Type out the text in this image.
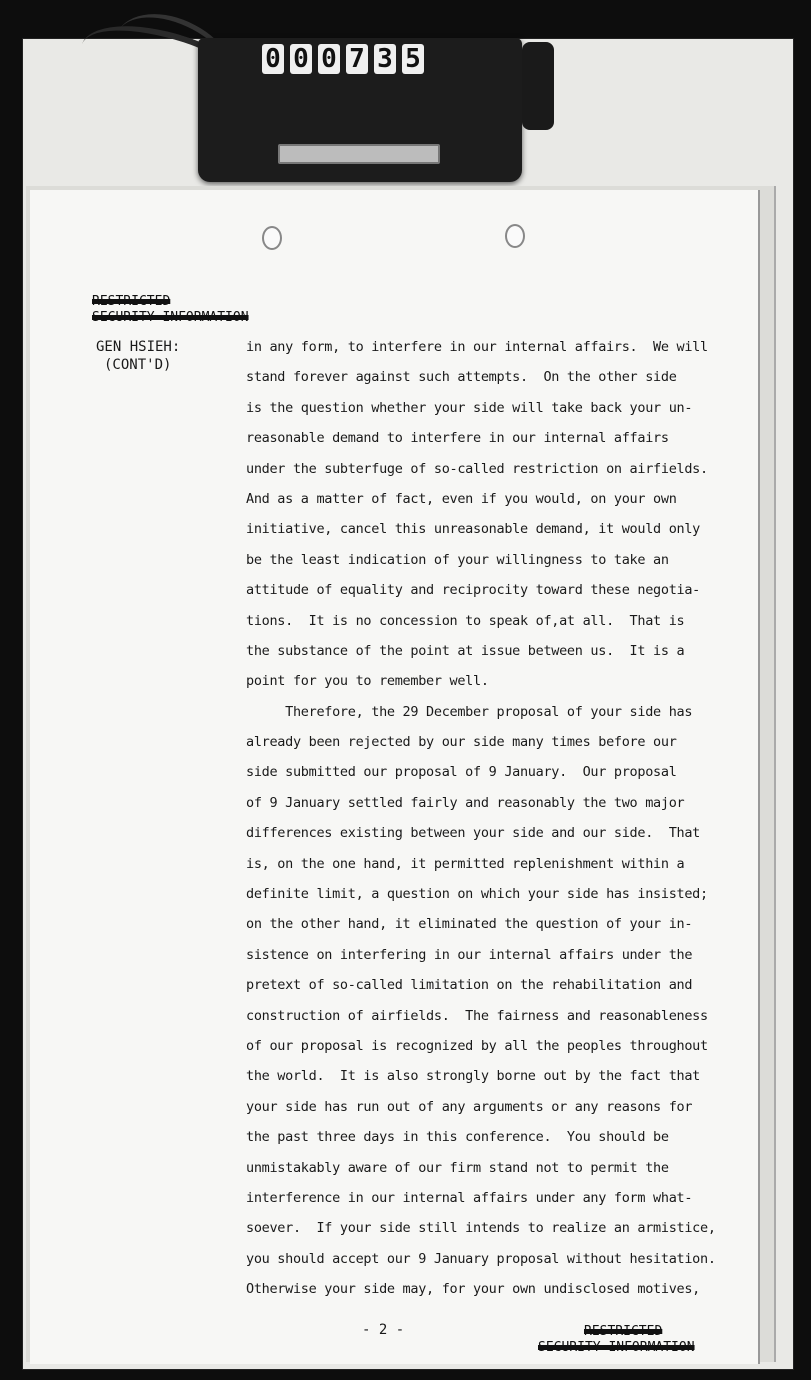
0 0 0 7 3 5
RESTRICTED
SECURITY INFORMATION
GEN HSIEH:
(CONT'D)
in any form, to interfere in our internal affairs.  We will
stand forever against such attempts.  On the other side
is the question whether your side will take back your un-
reasonable demand to interfere in our internal affairs
under the subterfuge of so-called restriction on airfields.
And as a matter of fact, even if you would, on your own
initiative, cancel this unreasonable demand, it would only
be the least indication of your willingness to take an
attitude of equality and reciprocity toward these negotia-
tions.  It is no concession to speak of,at all.  That is
the substance of the point at issue between us.  It is a
point for you to remember well.
Therefore, the 29 December proposal of your side has
already been rejected by our side many times before our
side submitted our proposal of 9 January.  Our proposal
of 9 January settled fairly and reasonably the two major
differences existing between your side and our side.  That
is, on the one hand, it permitted replenishment within a
definite limit, a question on which your side has insisted;
on the other hand, it eliminated the question of your in-
sistence on interfering in our internal affairs under the
pretext of so-called limitation on the rehabilitation and
construction of airfields.  The fairness and reasonableness
of our proposal is recognized by all the peoples throughout
the world.  It is also strongly borne out by the fact that
your side has run out of any arguments or any reasons for
the past three days in this conference.  You should be
unmistakably aware of our firm stand not to permit the
interference in our internal affairs under any form what-
soever.  If your side still intends to realize an armistice,
you should accept our 9 January proposal without hesitation.
Otherwise your side may, for your own undisclosed motives,
- 2 -	RESTRICTED
SECURITY INFORMATION
